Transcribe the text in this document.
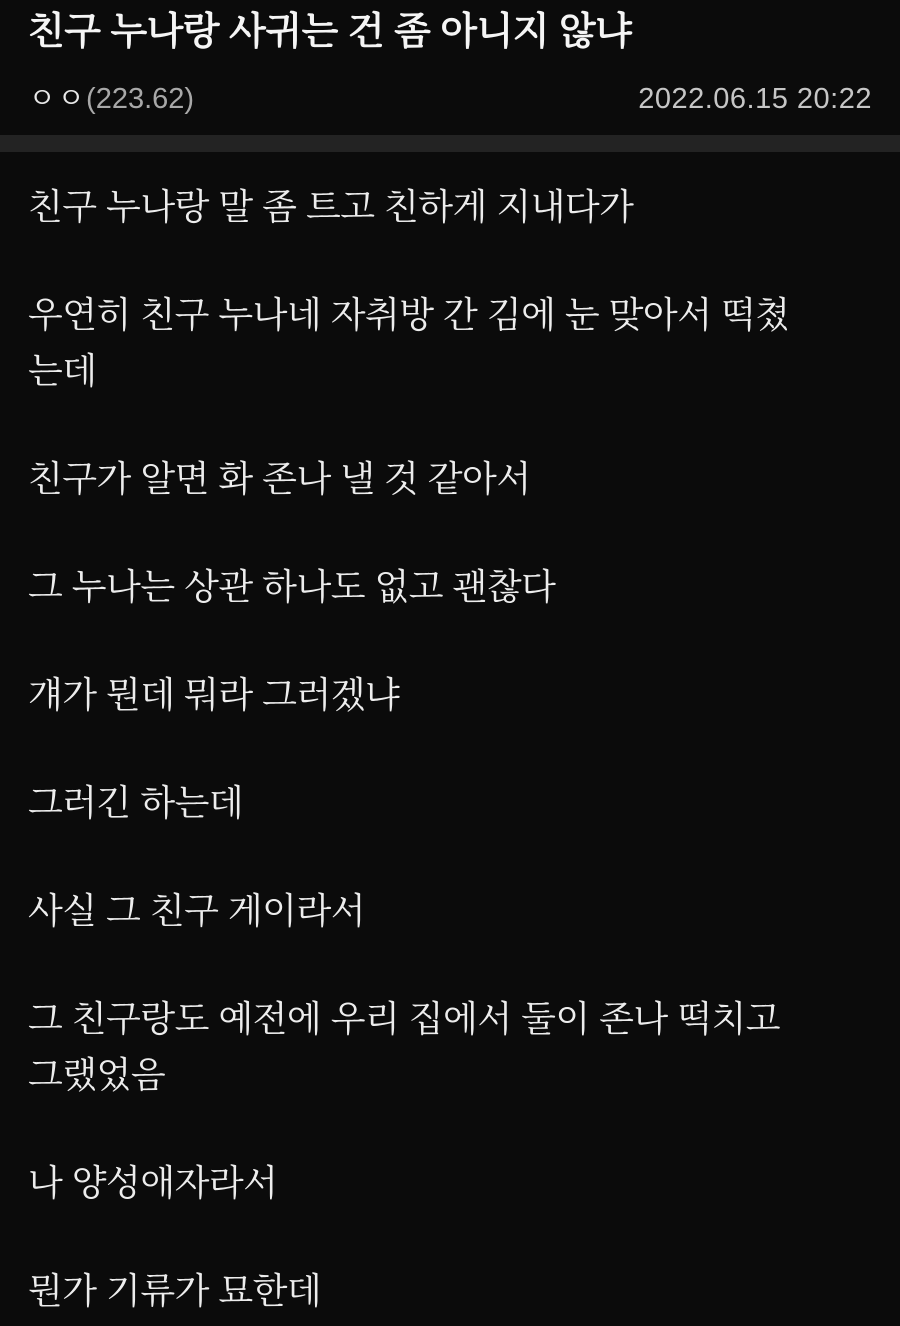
친구 누나랑 사귀는 건 좀 아니지 않냐
ㅇㅇ (223.62)	2022.06.15 20:22
친구 누나랑 말 좀 트고 친하게 지내다가
우연히 친구 누나네 자취방 간 김에 눈 맞아서 떡쳤
는데
친구가 알면 화 존나 낼 것 같아서
그 누나는 상관 하나도 없고 괜찮다
걔가 뭔데 뭐라 그러겠냐
그러긴 하는데
사실 그 친구 게이라서
그 친구랑도 예전에 우리 집에서 둘이 존나 떡치고
그랬었음
나 양성애자라서
뭔가 기류가 묘한데
